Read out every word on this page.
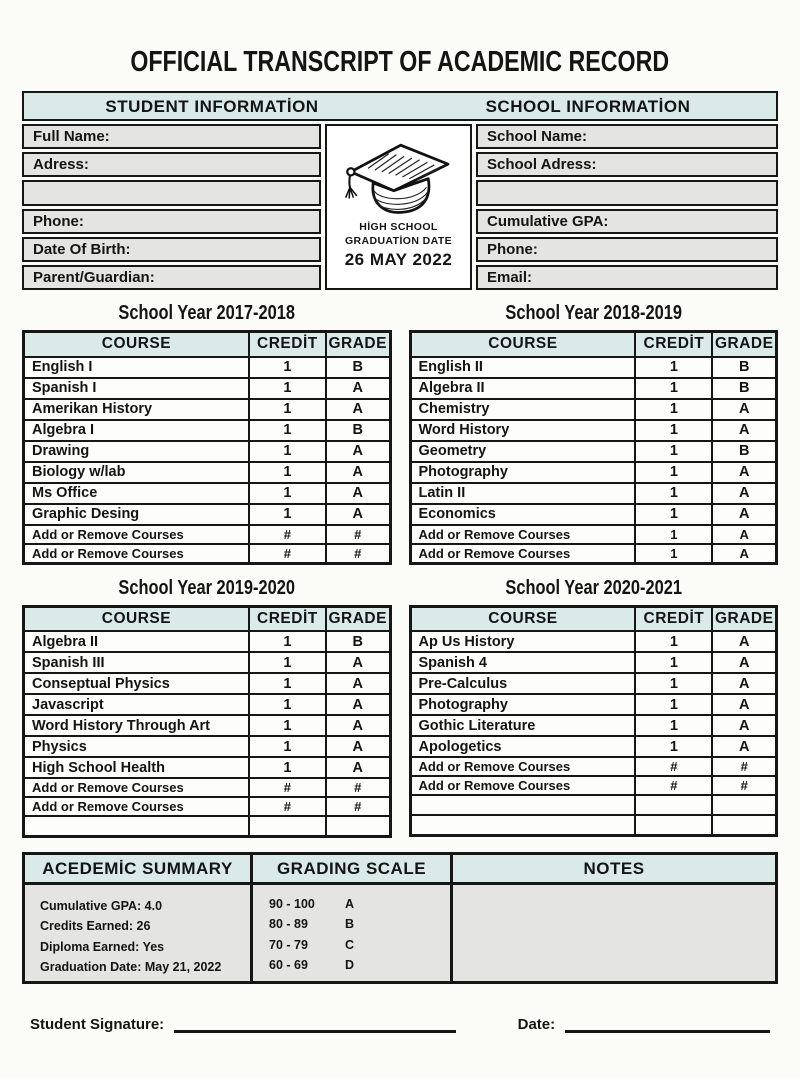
OFFICIAL TRANSCRIPT OF ACADEMIC RECORD
STUDENT INFORMATİON	SCHOOL INFORMATİON
Full Name:
Adress:
Phone:
Date Of Birth:
Parent/Guardian:
HİGH SCHOOL
GRADUATİON DATE
26 MAY 2022
School Name:
School Adress:
Cumulative GPA:
Phone:
Email:
School Year 2017-2018
COURSE	CREDİT	GRADE
English I	1	B
Spanish I	1	A
Amerikan History	1	A
Algebra I	1	B
Drawing	1	A
Biology w/lab	1	A
Ms Office	1	A
Graphic Desing	1	A
Add or Remove Courses	#	#
Add or Remove Courses	#	#
School Year 2018-2019
COURSE	CREDİT	GRADE
English II	1	B
Algebra II	1	B
Chemistry	1	A
Word History	1	A
Geometry	1	B
Photography	1	A
Latin II	1	A
Economics	1	A
Add or Remove Courses	1	A
Add or Remove Courses	1	A
School Year 2019-2020
COURSE	CREDİT	GRADE
Algebra II	1	B
Spanish III	1	A
Conseptual Physics	1	A
Javascript	1	A
Word History Through Art	1	A
Physics	1	A
High School Health	1	A
Add or Remove Courses	#	#
Add or Remove Courses	#	#

School Year 2020-2021
COURSE	CREDİT	GRADE
Ap Us History	1	A
Spanish 4	1	A
Pre-Calculus	1	A
Photography	1	A
Gothic Literature	1	A
Apologetics	1	A
Add or Remove Courses	#	#
Add or Remove Courses	#	#

ACEDEMİC SUMMARY
Cumulative GPA: 4.0
Credits Earned: 26
Diploma Earned: Yes
Graduation Date: May 21, 2022
GRADING SCALE
90 - 100	A
80 - 89	B
70 - 79	C
60 - 69	D
NOTES
Student Signature:	Date:
